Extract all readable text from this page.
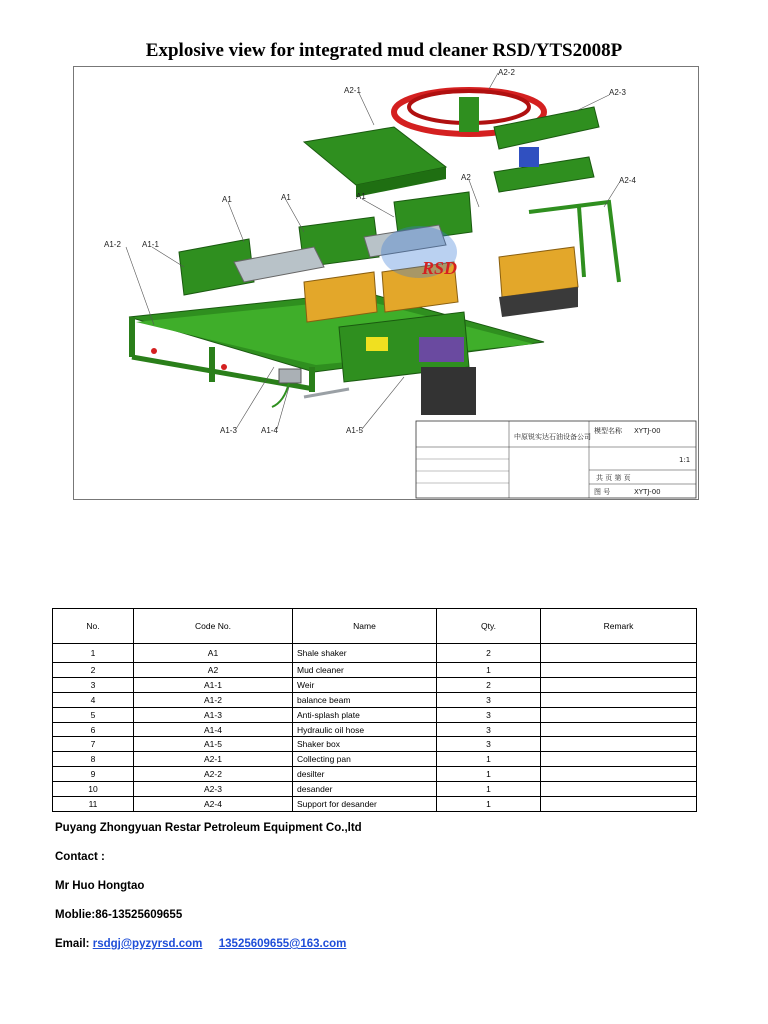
Explosive view for integrated mud cleaner RSD/YTS2008P
RSD
A2-1
A2-2
A2-3
A2	A2-4
A1	A1	A1
A1-2	A1-1
A1-3	A1-4	A1-5
中原锐实达石油设备公司
模型名称 XYTJ-00
1:1
共 页 第 页
图 号	XYTJ-00
No.	Code No.	Name	Qty.	Remark
1	A1	Shale shaker	2	
2	A2	Mud cleaner	1	
3	A1-1	Weir	2	
4	A1-2	balance beam	3	
5	A1-3	Anti-splash plate	3	
6	A1-4	Hydraulic oil hose	3	
7	A1-5	Shaker box	3	
8	A2-1	Collecting pan	1	
9	A2-2	desilter	1	
10	A2-3	desander	1	
11	A2-4	Support for desander	1	
Puyang Zhongyuan Restar Petroleum Equipment Co.,ltd
Contact :
Mr Huo Hongtao
Moblie:86-13525609655
Email: rsdgj@pyzyrsd.com 13525609655@163.com
